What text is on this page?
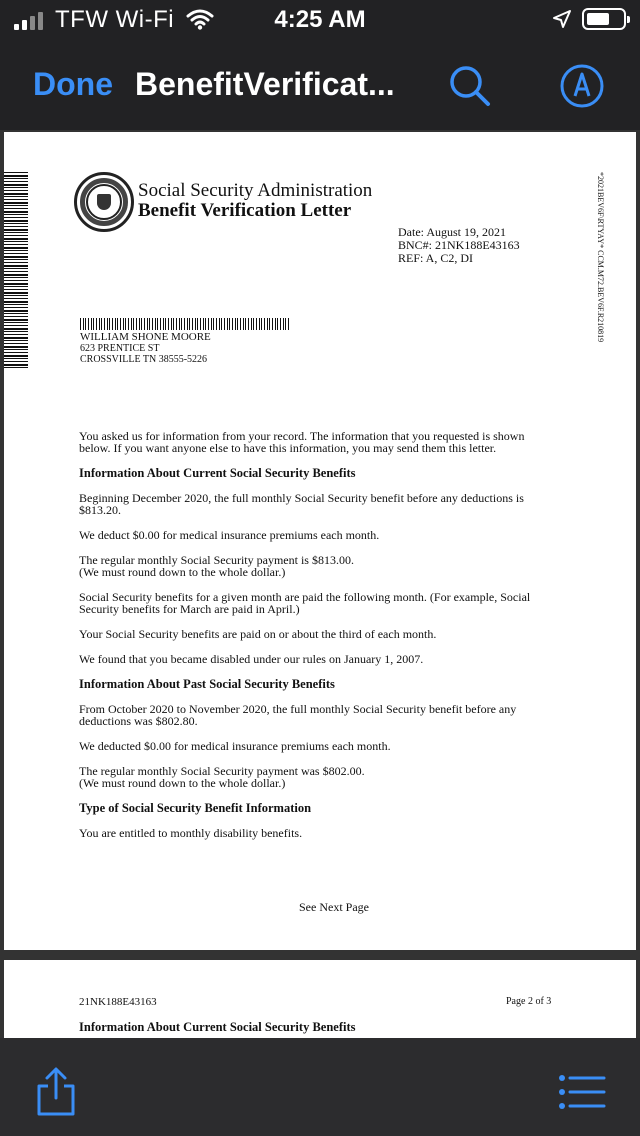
TFW Wi-Fi	4:25 AM
Done BenefitVerificat...
Social Security Administration
Benefit Verification Letter
Date: August 19, 2021
BNC#: 21NK188E43163
REF: A, C2, DI	*2021BEV6F\RTYAY* CCM.M72.BEV6F.R210819
WILLIAM SHONE MOORE
623 PRENTICE ST
CROSSVILLE TN 38555-5226

You asked us for information from your record. The information that you requested is shown below. If you want anyone else to have this information, you may send them this letter.

Information About Current Social Security Benefits

Beginning December 2020, the full monthly Social Security benefit before any deductions is $813.20.

We deduct $0.00 for medical insurance premiums each month.

The regular monthly Social Security payment is $813.00.
(We must round down to the whole dollar.)

Social Security benefits for a given month are paid the following month. (For example, Social Security benefits for March are paid in April.)

Your Social Security benefits are paid on or about the third of each month.

We found that you became disabled under our rules on January 1, 2007.

Information About Past Social Security Benefits

From October 2020 to November 2020, the full monthly Social Security benefit before any deductions was $802.80.

We deducted $0.00 for medical insurance premiums each month.

The regular monthly Social Security payment was $802.00.
(We must round down to the whole dollar.)

Type of Social Security Benefit Information

You are entitled to monthly disability benefits.

See Next Page
21NK188E43163	Page 2 of 3
Information About Current Social Security Benefits
